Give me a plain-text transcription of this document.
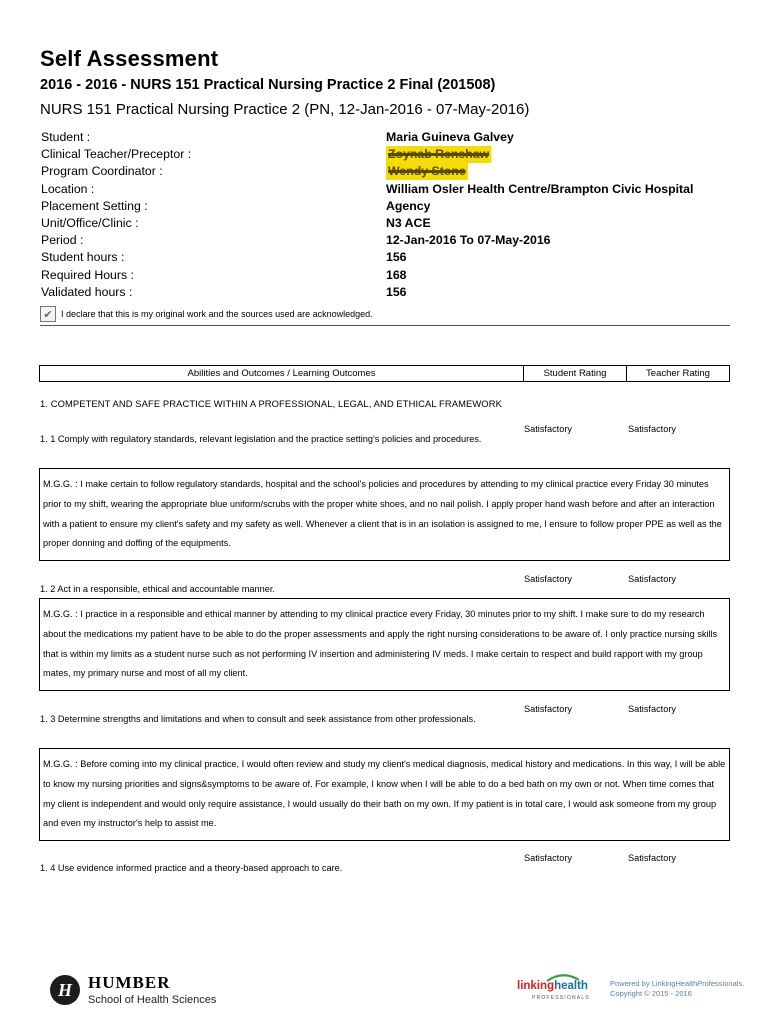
Self Assessment
2016 - 2016 - NURS 151 Practical Nursing Practice 2 Final (201508)
NURS 151 Practical Nursing Practice 2 (PN, 12-Jan-2016 - 07-May-2016)
Student :	Maria Guineva Galvey
Clinical Teacher/Preceptor :	Zoynab Renshaw
Program Coordinator :	Wendy Stone
Location :	William Osler Health Centre/Brampton Civic Hospital
Placement Setting :	Agency
Unit/Office/Clinic :	N3 ACE
Period :	12-Jan-2016 To 07-May-2016
Student hours :	156
Required Hours :	168
Validated hours :	156
✔ I declare that this is my original work and the sources used are acknowledged.
Abilities and Outcomes / Learning Outcomes	Student Rating	Teacher Rating
1. COMPETENT AND SAFE PRACTICE WITHIN A PROFESSIONAL, LEGAL, AND ETHICAL FRAMEWORK
1. 1 Comply with regulatory standards, relevant legislation and the practice setting's policies and procedures.
Satisfactory	Satisfactory
M.G.G. : I make certain to follow regulatory standards, hospital and the school's policies and procedures by attending to my clinical practice every Friday 30 minutes prior to my shift, wearing the appropriate blue uniform/scrubs with the proper white shoes, and no nail polish. I apply proper hand wash before and after an interaction with a patient to ensure my client's safety and my safety as well. Whenever a client that is in an isolation is assigned to me, I ensure to follow proper PPE as well as the proper donning and doffing of the equipments.
1. 2 Act in a responsible, ethical and accountable manner.
Satisfactory	Satisfactory
M.G.G. : I practice in a responsible and ethical manner by attending to my clinical practice every Friday, 30 minutes prior to my shift. I make sure to do my research about the medications my patient have to be able to do the proper assessments and apply the right nursing considerations to be aware of. I only practice nursing skills that is within my limits as a student nurse such as not performing IV insertion and administering IV meds. I make certain to respect and build rapport with my group mates, my primary nurse and most of all my client.
1. 3 Determine strengths and limitations and when to consult and seek assistance from other professionals.
Satisfactory	Satisfactory
M.G.G. : Before coming into my clinical practice, I would often review and study my client's medical diagnosis, medical history and medications. In this way, I will be able to know my nursing priorities and signs&symptoms to be aware of. For example, I know when I will be able to do a bed bath on my own or not. When time comes that my client is independent and would only require assistance, I would usually do their bath on my own. If my patient is in total care, I would ask someone from my group and even my instructor's help to assist me.
1. 4 Use evidence informed practice and a theory-based approach to care.
Satisfactory	Satisfactory
H HUMBER
School of Health Sciences
linkinghealth
PROFESSIONALS
Powered by LinkingHealthProfessionals.
Copyright © 2015 - 2016
